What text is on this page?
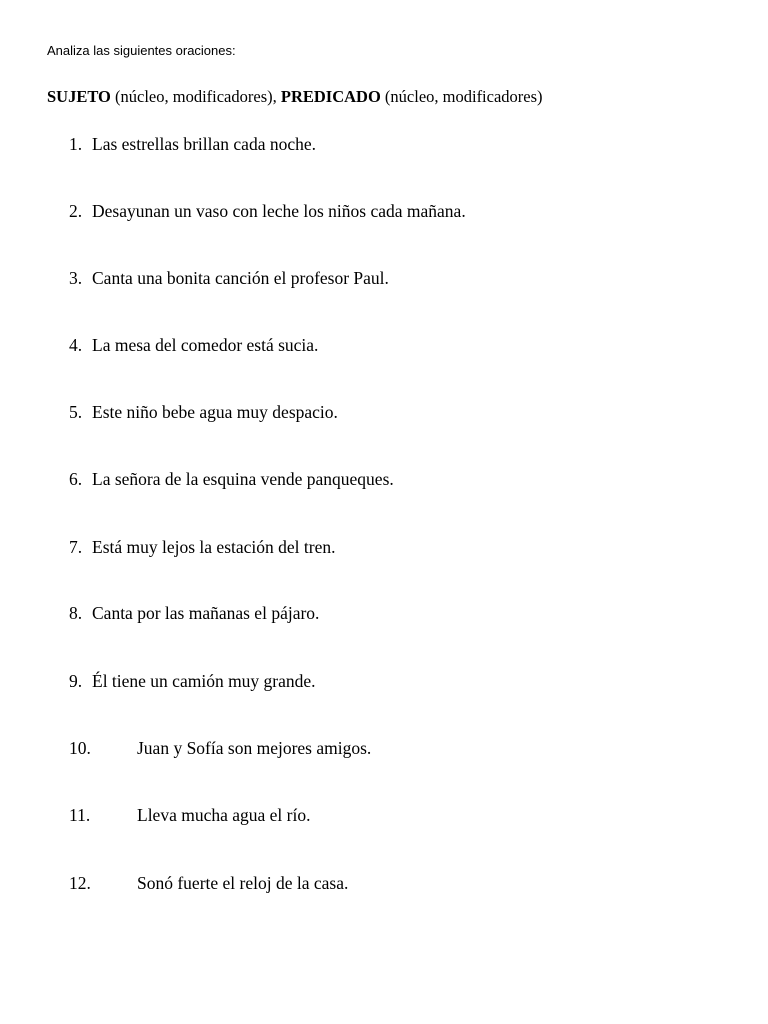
Analiza las siguientes oraciones:
SUJETO (núcleo, modificadores), PREDICADO (núcleo, modificadores)
1. Las estrellas brillan cada noche.
2. Desayunan un vaso con leche los niños cada mañana.
3. Canta una bonita canción el profesor Paul.
4. La mesa del comedor está sucia.
5. Este niño bebe agua muy despacio.
6. La señora de la esquina vende panqueques.
7. Está muy lejos la estación del tren.
8. Canta por las mañanas el pájaro.
9. Él tiene un camión muy grande.
10.	Juan y Sofía son mejores amigos.
11.	Lleva mucha agua el río.
12.	Sonó fuerte el reloj de la casa.
